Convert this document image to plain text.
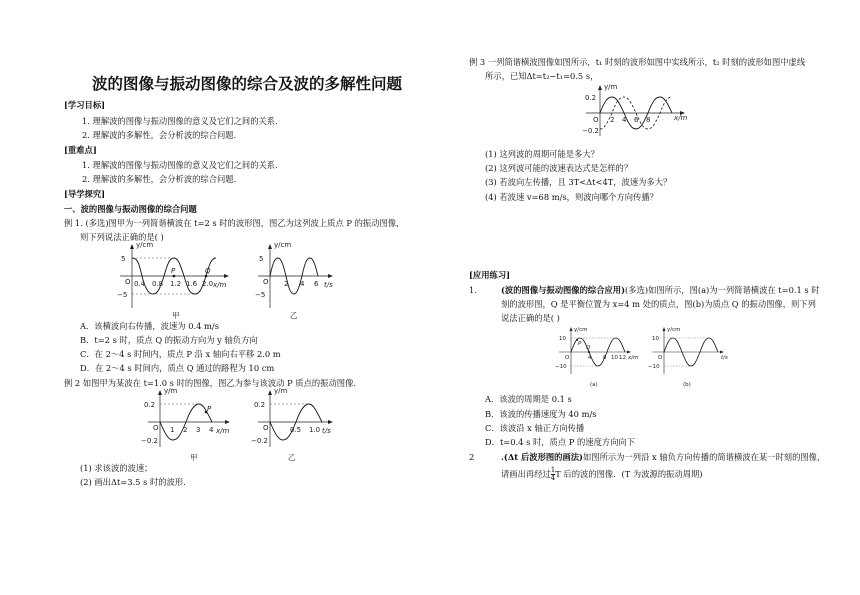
波的图像与振动图像的综合及波的多解性问题
[学习目标]
1. 理解波的图像与振动图像的意义及它们之间的关系.
2. 理解波的多解性，会分析波的综合问题.
[重难点]
1. 理解波的图像与振动图像的意义及它们之间的关系.
2. 理解波的多解性，会分析波的综合问题.
[导学探究]
一、波的图像与振动图像的综合问题
例 1. (多选)图甲为一列简谐横波在 t=2 s 时的波形图，图乙为这列波上质点 P 的振动图像，
则下列说法正确的是( )
y/cm
5
−5
O 0.4 0.8 1.2 1.6 2.0 x/m
P	Q
甲
y/cm
5
−5
O 2 4 6 t/s
乙
A．该横波向右传播，波速为 0.4 m/s
B．t=2 s 时，质点 Q 的振动方向为 y 轴负方向
C．在 2～4 s 时间内，质点 P 沿 x 轴向右平移 2.0 m
D．在 2～4 s 时间内，质点 Q 通过的路程为 10 cm
例 2 如图甲为某波在 t=1.0 s 时的图像，图乙为参与该波动 P 质点的振动图像.
y/m
0.2
−0.2
O 1 2 3 4 x/m
P
甲
y/m
0.2
−0.2
O	0.5 1.0 t/s
乙
(1) 求该波的波速；
(2) 画出Δt=3.5 s 时的波形.
例 3 一列简谐横波图像如图所示，t₁ 时刻的波形如图中实线所示，t₂ 时刻的波形如图中虚线
所示，已知Δt=t₂−t₁=0.5 s，
y/m
0.2
−0.2
O 2 4 6 8	x/m
(1) 这列波的周期可能是多大？
(2) 这列波可能的波速表达式是怎样的？
(3) 若波向左传播，且 3T<Δt<4T，波速为多大？
(4) 若波速 v=68 m/s，则波向哪个方向传播？
[应用练习]
1.	(波的图像与振动图像的综合应用)(多选)如图所示，图(a)为一列简谐横波在 t=0.1 s 时
刻的波形图，Q 是平衡位置为 x=4 m 处的质点，图(b)为质点 Q 的振动图像，则下列
说法正确的是( )
y/cm
10
−10
O
P
Q
4 8 10 12 x/m
(a)
y/cm
10
−10
O	t/s
(b)
A．该波的周期是 0.1 s
B．该波的传播速度为 40 m/s
C．该波沿 x 轴正方向传播
D．t=0.4 s 时，质点 P 的速度方向向下
2	.(Δt 后波形图的画法)如图所示为一列沿 x 轴负方向传播的简谐横波在某一时刻的图像，
请画出再经过 $\frac{1}{4}$ T 后的波的图像．(T 为波源的振动周期)
